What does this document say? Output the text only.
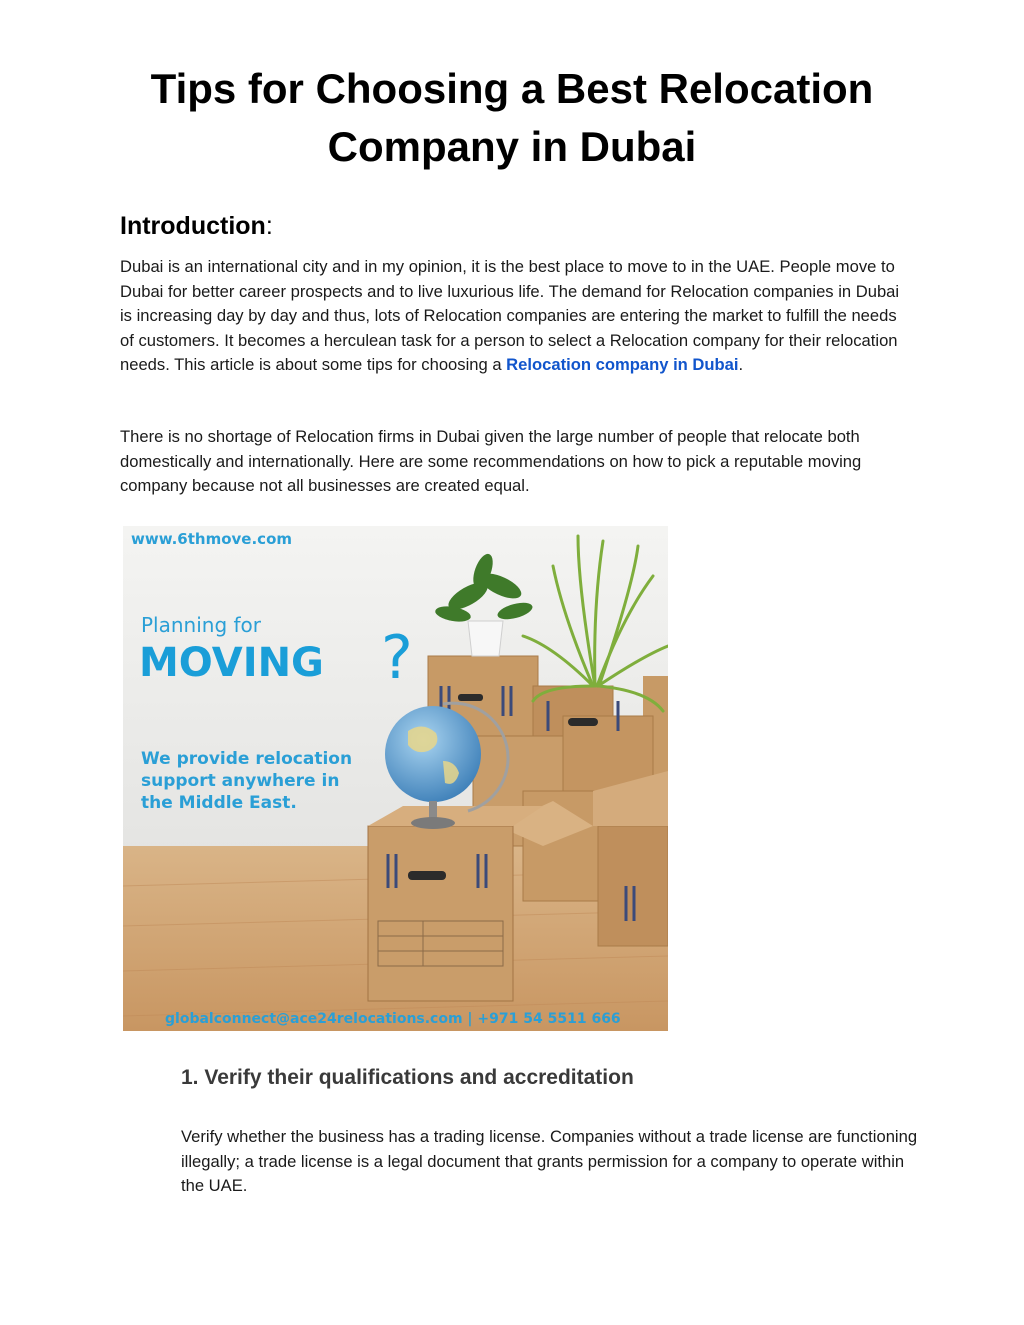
Tips for Choosing a Best Relocation Company in Dubai
Introduction:

Dubai is an international city and in my opinion, it is the best place to move to in the UAE. People move to Dubai for better career prospects and to live luxurious life. The demand for Relocation companies in Dubai is increasing day by day and thus, lots of Relocation companies are entering the market to fulfill the needs of customers. It becomes a herculean task for a person to select a Relocation company for their relocation needs. This article is about some tips for choosing a Relocation company in Dubai.

There is no shortage of Relocation firms in Dubai given the large number of people that relocate both domestically and internationally. Here are some recommendations on how to pick a reputable moving company because not all businesses are created equal.

www.6thmove.com
Planning for
MOVING ?
We provide relocation
support anywhere in
the Middle East.
globalconnect@ace24relocations.com | +971 54 5511 666
1. Verify their qualifications and accreditation

Verify whether the business has a trading license. Companies without a trade license are functioning illegally; a trade license is a legal document that grants permission for a company to operate within the UAE.
